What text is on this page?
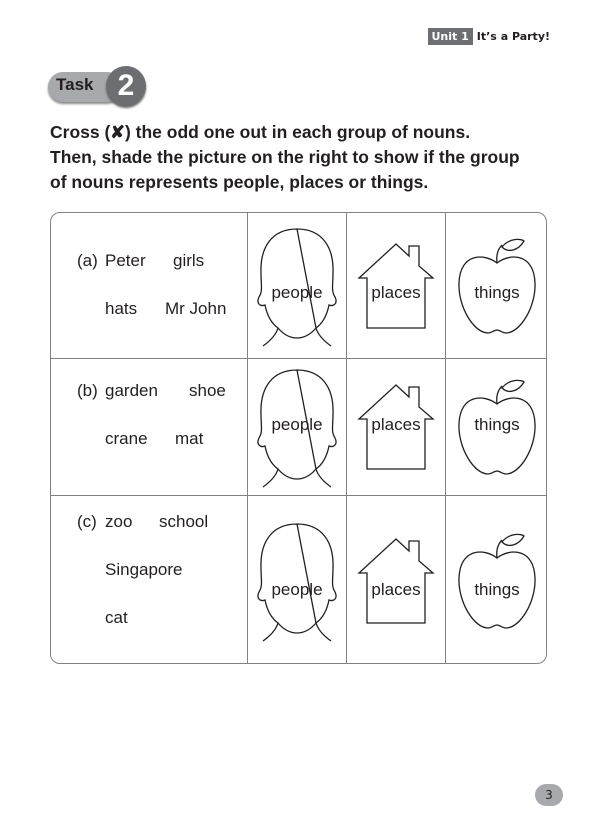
Unit 1 It’s a Party!
Task 2
Cross (✘) the odd one out in each group of nouns.
Then, shade the picture on the right to show if the group
of nouns represents people, places or things.
(a) Peter girls
hats Mr John
people	places	things
(b) garden shoe
crane mat
people	places	things
(c) zoo school
Singapore
cat
people	places	things
3
